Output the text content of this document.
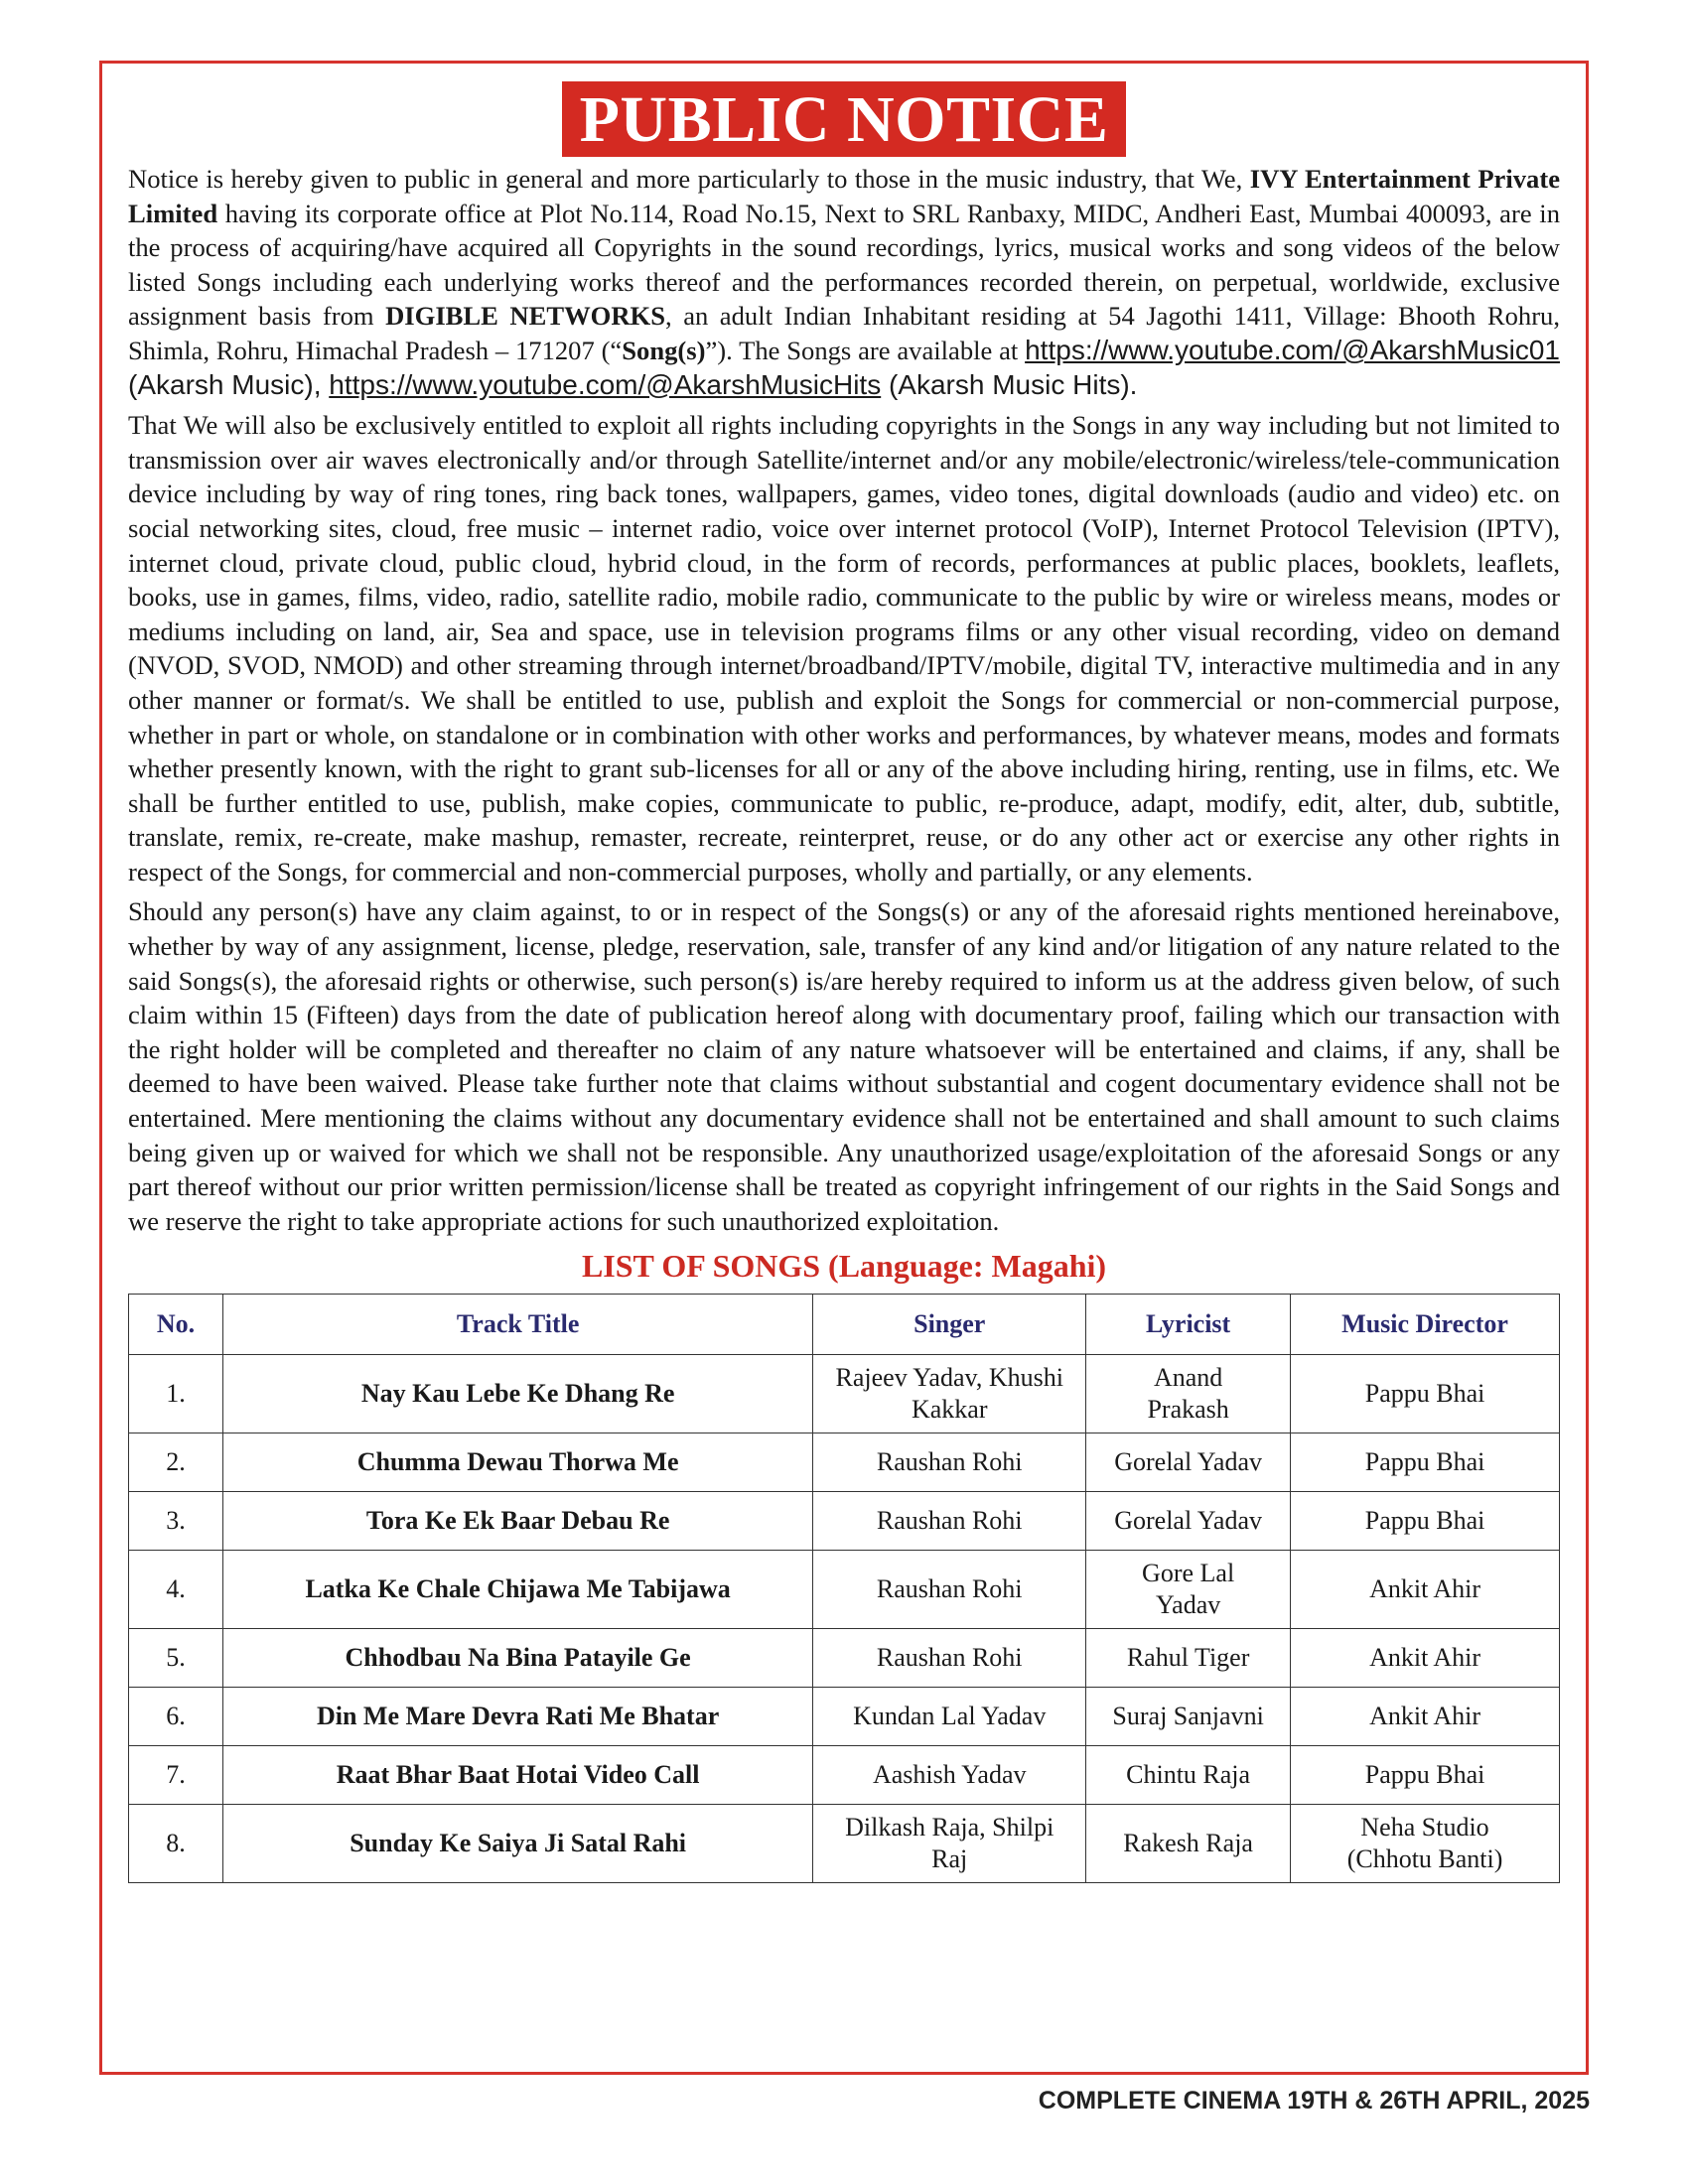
PUBLIC NOTICE

Notice is hereby given to public in general and more particularly to those in the music industry, that We, IVY Entertainment Private Limited having its corporate office at Plot No.114, Road No.15, Next to SRL Ranbaxy, MIDC, Andheri East, Mumbai 400093, are in the process of acquiring/have acquired all Copyrights in the sound recordings, lyrics, musical works and song videos of the below listed Songs including each underlying works thereof and the performances recorded therein, on perpetual, worldwide, exclusive assignment basis from DIGIBLE NETWORKS, an adult Indian Inhabitant residing at 54 Jagothi 1411, Village: Bhooth Rohru, Shimla, Rohru, Himachal Pradesh – 171207 (“Song(s)”). The Songs are available at https://www.youtube.com/@AkarshMusic01 (Akarsh Music), https://www.youtube.com/@AkarshMusicHits (Akarsh Music Hits).

That We will also be exclusively entitled to exploit all rights including copyrights in the Songs in any way including but not limited to transmission over air waves electronically and/or through Satellite/internet and/or any mobile/electronic/wireless/tele-communication device including by way of ring tones, ring back tones, wallpapers, games, video tones, digital downloads (audio and video) etc. on social networking sites, cloud, free music – internet radio, voice over internet protocol (VoIP), Internet Protocol Television (IPTV), internet cloud, private cloud, public cloud, hybrid cloud, in the form of records, performances at public places, booklets, leaflets, books, use in games, films, video, radio, satellite radio, mobile radio, communicate to the public by wire or wireless means, modes or mediums including on land, air, Sea and space, use in television programs films or any other visual recording, video on demand (NVOD, SVOD, NMOD) and other streaming through internet/broadband/IPTV/mobile, digital TV, interactive multimedia and in any other manner or format/s. We shall be entitled to use, publish and exploit the Songs for commercial or non-commercial purpose, whether in part or whole, on standalone or in combination with other works and performances, by whatever means, modes and formats whether presently known, with the right to grant sub-licenses for all or any of the above including hiring, renting, use in films, etc. We shall be further entitled to use, publish, make copies, communicate to public, re-produce, adapt, modify, edit, alter, dub, subtitle, translate, remix, re-create, make mashup, remaster, recreate, reinterpret, reuse, or do any other act or exercise any other rights in respect of the Songs, for commercial and non-commercial purposes, wholly and partially, or any elements.

Should any person(s) have any claim against, to or in respect of the Songs(s) or any of the aforesaid rights mentioned hereinabove, whether by way of any assignment, license, pledge, reservation, sale, transfer of any kind and/or litigation of any nature related to the said Songs(s), the aforesaid rights or otherwise, such person(s) is/are hereby required to inform us at the address given below, of such claim within 15 (Fifteen) days from the date of publication hereof along with documentary proof, failing which our transaction with the right holder will be completed and thereafter no claim of any nature whatsoever will be entertained and claims, if any, shall be deemed to have been waived. Please take further note that claims without substantial and cogent documentary evidence shall not be entertained. Mere mentioning the claims without any documentary evidence shall not be entertained and shall amount to such claims being given up or waived for which we shall not be responsible. Any unauthorized usage/exploitation of the aforesaid Songs or any part thereof without our prior written permission/license shall be treated as copyright infringement of our rights in the Said Songs and we reserve the right to take appropriate actions for such unauthorized exploitation.

LIST OF SONGS (Language: Magahi)
No.	Track Title	Singer	Lyricist	Music Director
1.	Nay Kau Lebe Ke Dhang Re	Rajeev Yadav, Khushi Kakkar	Anand Prakash	Pappu Bhai
2.	Chumma Dewau Thorwa Me	Raushan Rohi	Gorelal Yadav	Pappu Bhai
3.	Tora Ke Ek Baar Debau Re	Raushan Rohi	Gorelal Yadav	Pappu Bhai
4.	Latka Ke Chale Chijawa Me Tabijawa	Raushan Rohi	Gore Lal Yadav	Ankit Ahir
5.	Chhodbau Na Bina Patayile Ge	Raushan Rohi	Rahul Tiger	Ankit Ahir
6.	Din Me Mare Devra Rati Me Bhatar	Kundan Lal Yadav	Suraj Sanjavni	Ankit Ahir
7.	Raat Bhar Baat Hotai Video Call	Aashish Yadav	Chintu Raja	Pappu Bhai
8.	Sunday Ke Saiya Ji Satal Rahi	Dilkash Raja, Shilpi Raj	Rakesh Raja	Neha Studio (Chhotu Banti)
COMPLETE CINEMA 19TH & 26TH APRIL, 2025
